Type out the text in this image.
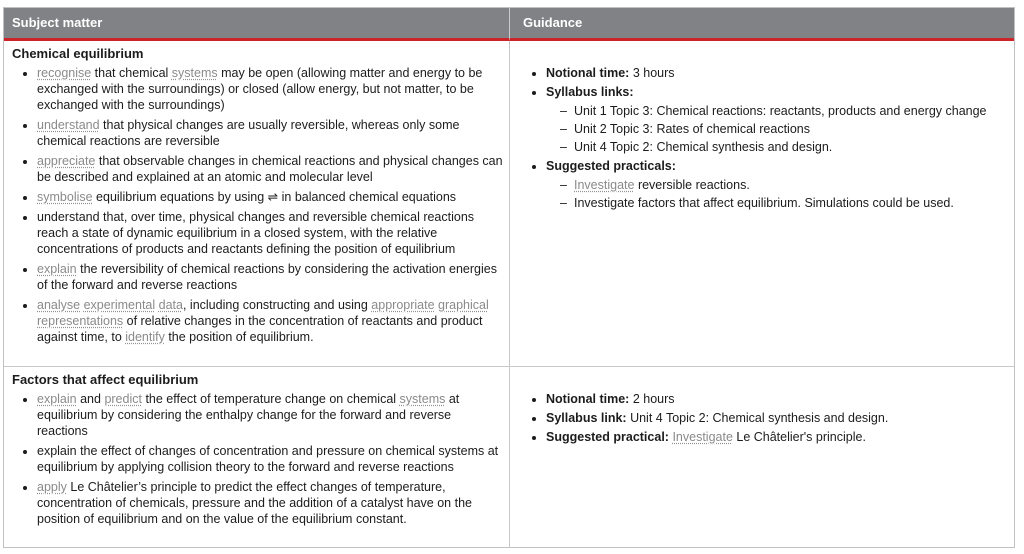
Subject matter	Guidance
Chemical equilibrium
• recognise that chemical systems may be open (allowing matter and energy to be exchanged with the surroundings) or closed (allow energy, but not matter, to be exchanged with the surroundings)
• understand that physical changes are usually reversible, whereas only some chemical reactions are reversible
• appreciate that observable changes in chemical reactions and physical changes can be described and explained at an atomic and molecular level
• symbolise equilibrium equations by using ⇌ in balanced chemical equations
• understand that, over time, physical changes and reversible chemical reactions reach a state of dynamic equilibrium in a closed system, with the relative concentrations of products and reactants defining the position of equilibrium
• explain the reversibility of chemical reactions by considering the activation energies of the forward and reverse reactions
• analyse experimental data, including constructing and using appropriate graphical representations of relative changes in the concentration of reactants and product against time, to identify the position of equilibrium.
• Notional time: 3 hours
• Syllabus links:
– Unit 1 Topic 3: Chemical reactions: reactants, products and energy change
– Unit 2 Topic 3: Rates of chemical reactions
– Unit 4 Topic 2: Chemical synthesis and design.
• Suggested practicals:
– Investigate reversible reactions.
– Investigate factors that affect equilibrium. Simulations could be used.
Factors that affect equilibrium
• explain and predict the effect of temperature change on chemical systems at equilibrium by considering the enthalpy change for the forward and reverse reactions
• explain the effect of changes of concentration and pressure on chemical systems at equilibrium by applying collision theory to the forward and reverse reactions
• apply Le Châtelier’s principle to predict the effect changes of temperature, concentration of chemicals, pressure and the addition of a catalyst have on the position of equilibrium and on the value of the equilibrium constant.
• Notional time: 2 hours
• Syllabus link: Unit 4 Topic 2: Chemical synthesis and design.
• Suggested practical: Investigate Le Châtelier's principle.
